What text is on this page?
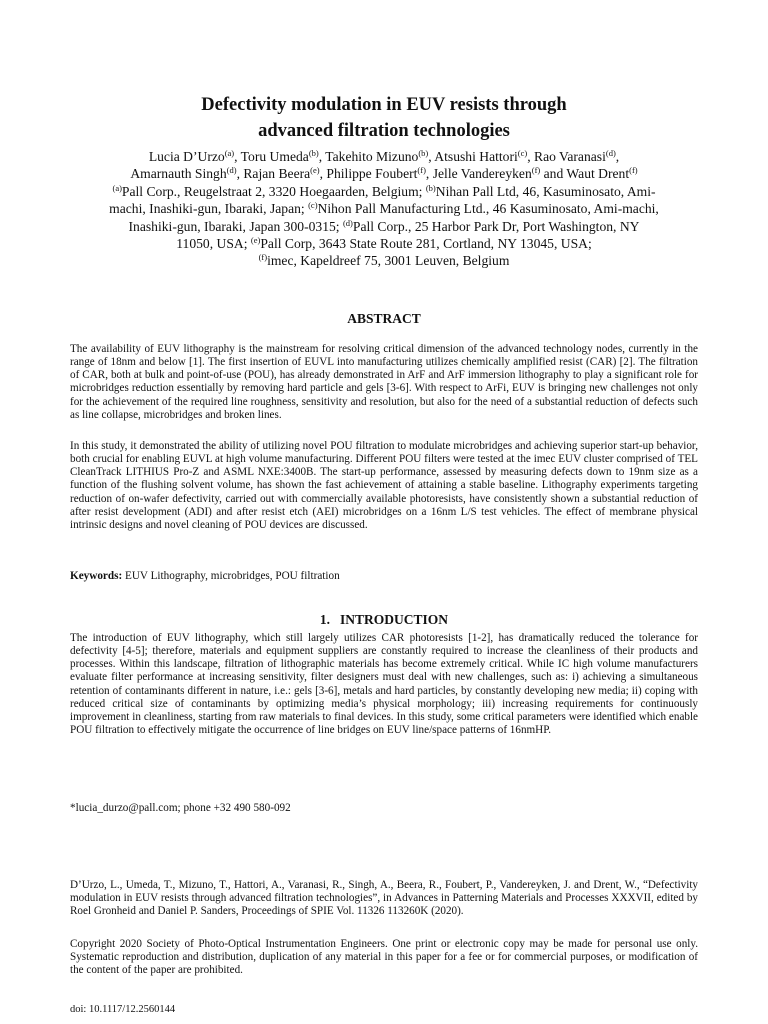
Defectivity modulation in EUV resists through
advanced filtration technologies
Lucia D’Urzo$^{(a)}$, Toru Umeda$^{(b)}$, Takehito Mizuno$^{(b)}$, Atsushi Hattori$^{(c)}$, Rao Varanasi$^{(d)}$,
Amarnauth Singh$^{(d)}$, Rajan Beera$^{(e)}$, Philippe Foubert$^{(f)}$, Jelle Vandereyken$^{(f)}$ and Waut Drent$^{(f)}$
$^{(a)}$Pall Corp., Reugelstraat 2, 3320 Hoegaarden, Belgium; $^{(b)}$Nihan Pall Ltd, 46, Kasuminosato, Ami-
machi, Inashiki-gun, Ibaraki, Japan; $^{(c)}$Nihon Pall Manufacturing Ltd., 46 Kasuminosato, Ami-machi,
Inashiki-gun, Ibaraki, Japan 300-0315; $^{(d)}$Pall Corp., 25 Harbor Park Dr, Port Washington, NY
11050, USA; $^{(e)}$Pall Corp, 3643 State Route 281, Cortland, NY 13045, USA;
$^{(f)}$imec, Kapeldreef 75, 3001 Leuven, Belgium
ABSTRACT
The availability of EUV lithography is the mainstream for resolving critical dimension of the advanced technology nodes, currently in the range of 18nm and below [1]. The first insertion of EUVL into manufacturing utilizes chemically amplified resist (CAR) [2]. The filtration of CAR, both at bulk and point-of-use (POU), has already demonstrated in ArF and ArF immersion lithography to play a significant role for microbridges reduction essentially by removing hard particle and gels [3-6]. With respect to ArFi, EUV is bringing new challenges not only for the achievement of the required line roughness, sensitivity and resolution, but also for the need of a substantial reduction of defects such as line collapse, microbridges and broken lines.
In this study, it demonstrated the ability of utilizing novel POU filtration to modulate microbridges and achieving superior start-up behavior, both crucial for enabling EUVL at high volume manufacturing. Different POU filters were tested at the imec EUV cluster comprised of TEL CleanTrack LITHIUS Pro-Z and ASML NXE:3400B. The start-up performance, assessed by measuring defects down to 19nm size as a function of the flushing solvent volume, has shown the fast achievement of attaining a stable baseline. Lithography experiments targeting reduction of on-wafer defectivity, carried out with commercially available photoresists, have consistently shown a substantial reduction of after resist development (ADI) and after resist etch (AEI) microbridges on a 16nm L/S test vehicles. The effect of membrane physical intrinsic designs and novel cleaning of POU devices are discussed.
Keywords: EUV Lithography, microbridges, POU filtration
1. INTRODUCTION
The introduction of EUV lithography, which still largely utilizes CAR photoresists [1-2], has dramatically reduced the tolerance for defectivity [4-5]; therefore, materials and equipment suppliers are constantly required to increase the cleanliness of their products and processes. Within this landscape, filtration of lithographic materials has become extremely critical. While IC high volume manufacturers evaluate filter performance at increasing sensitivity, filter designers must deal with new challenges, such as: i) achieving a simultaneous retention of contaminants different in nature, i.e.: gels [3-6], metals and hard particles, by constantly developing new media; ii) coping with reduced critical size of contaminants by optimizing media’s physical morphology; iii) increasing requirements for continuously improvement in cleanliness, starting from raw materials to final devices. In this study, some critical parameters were identified which enable POU filtration to effectively mitigate the occurrence of line bridges on EUV line/space patterns of 16nmHP.
*lucia_durzo@pall.com; phone +32 490 580-092
D’Urzo, L., Umeda, T., Mizuno, T., Hattori, A., Varanasi, R., Singh, A., Beera, R., Foubert, P., Vandereyken, J. and Drent, W., “Defectivity modulation in EUV resists through advanced filtration technologies”, in Advances in Patterning Materials and Processes XXXVII, edited by Roel Gronheid and Daniel P. Sanders, Proceedings of SPIE Vol. 11326 113260K (2020).
Copyright 2020 Society of Photo-Optical Instrumentation Engineers. One print or electronic copy may be made for personal use only. Systematic reproduction and distribution, duplication of any material in this paper for a fee or for commercial purposes, or modification of the content of the paper are prohibited.
doi: 10.1117/12.2560144
